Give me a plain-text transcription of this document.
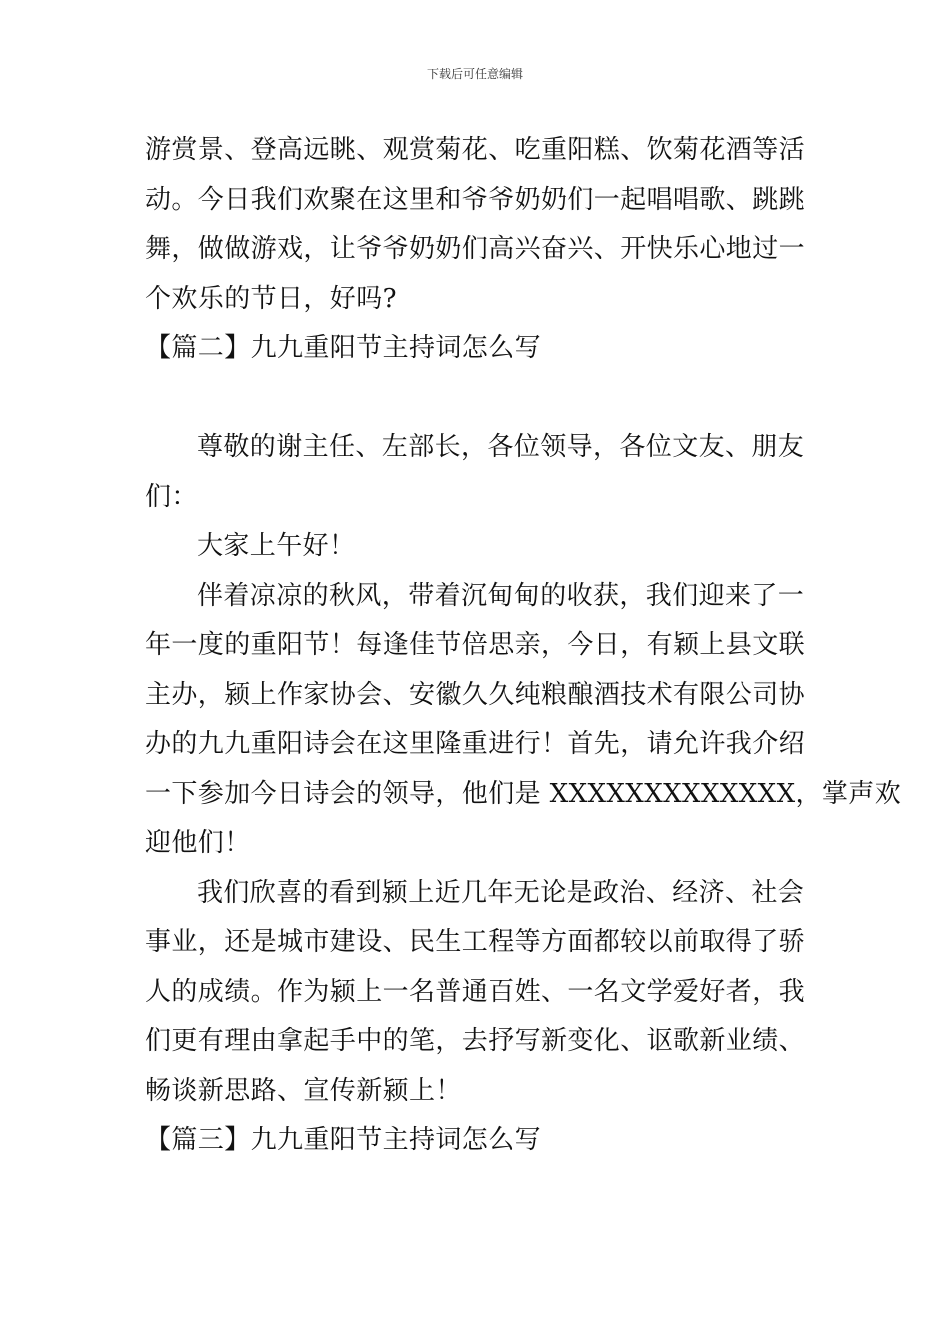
下载后可任意编辑
游赏景、登高远眺、观赏菊花、吃重阳糕、饮菊花酒等活
动。今日我们欢聚在这里和爷爷奶奶们一起唱唱歌、跳跳
舞，做做游戏，让爷爷奶奶们高兴奋兴、开快乐心地过一
个欢乐的节日，好吗?
【篇二】九九重阳节主持词怎么写
尊敬的谢主任、左部长，各位领导，各位文友、朋友
们：
大家上午好！
伴着凉凉的秋风，带着沉甸甸的收获，我们迎来了一
年一度的重阳节！每逢佳节倍思亲，今日，有颖上县文联
主办，颍上作家协会、安徽久久纯粮酿酒技术有限公司协
办的九九重阳诗会在这里隆重进行！首先，请允许我介绍
一下参加今日诗会的领导，他们是 XXXXXXXXXXXXX，掌声欢
迎他们！
我们欣喜的看到颍上近几年无论是政治、经济、社会
事业，还是城市建设、民生工程等方面都较以前取得了骄
人的成绩。作为颍上一名普通百姓、一名文学爱好者，我
们更有理由拿起手中的笔，去抒写新变化、讴歌新业绩、
畅谈新思路、宣传新颍上！
【篇三】九九重阳节主持词怎么写
